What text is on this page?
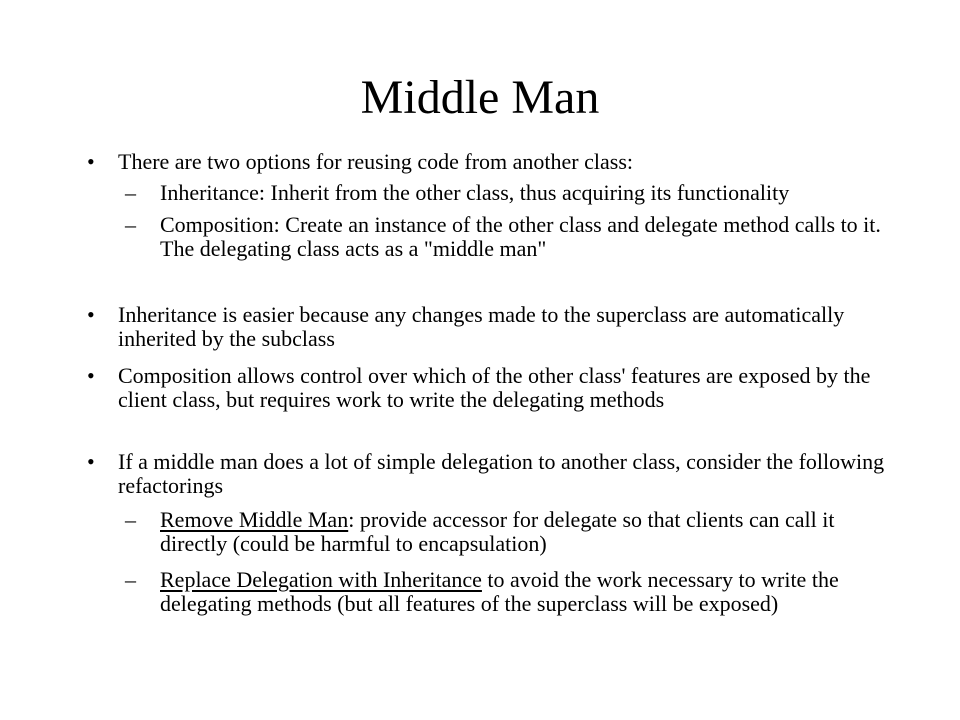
Middle Man
• There are two options for reusing code from another class:
– Inheritance: Inherit from the other class, thus acquiring its functionality
– Composition: Create an instance of the other class and delegate method calls to it. The delegating class acts as a "middle man"
• Inheritance is easier because any changes made to the superclass are automatically inherited by the subclass
• Composition allows control over which of the other class' features are exposed by the client class, but requires work to write the delegating methods
• If a middle man does a lot of simple delegation to another class, consider the following refactorings
– Remove Middle Man: provide accessor for delegate so that clients can call it directly (could be harmful to encapsulation)
– Replace Delegation with Inheritance to avoid the work necessary to write the delegating methods (but all features of the superclass will be exposed)
